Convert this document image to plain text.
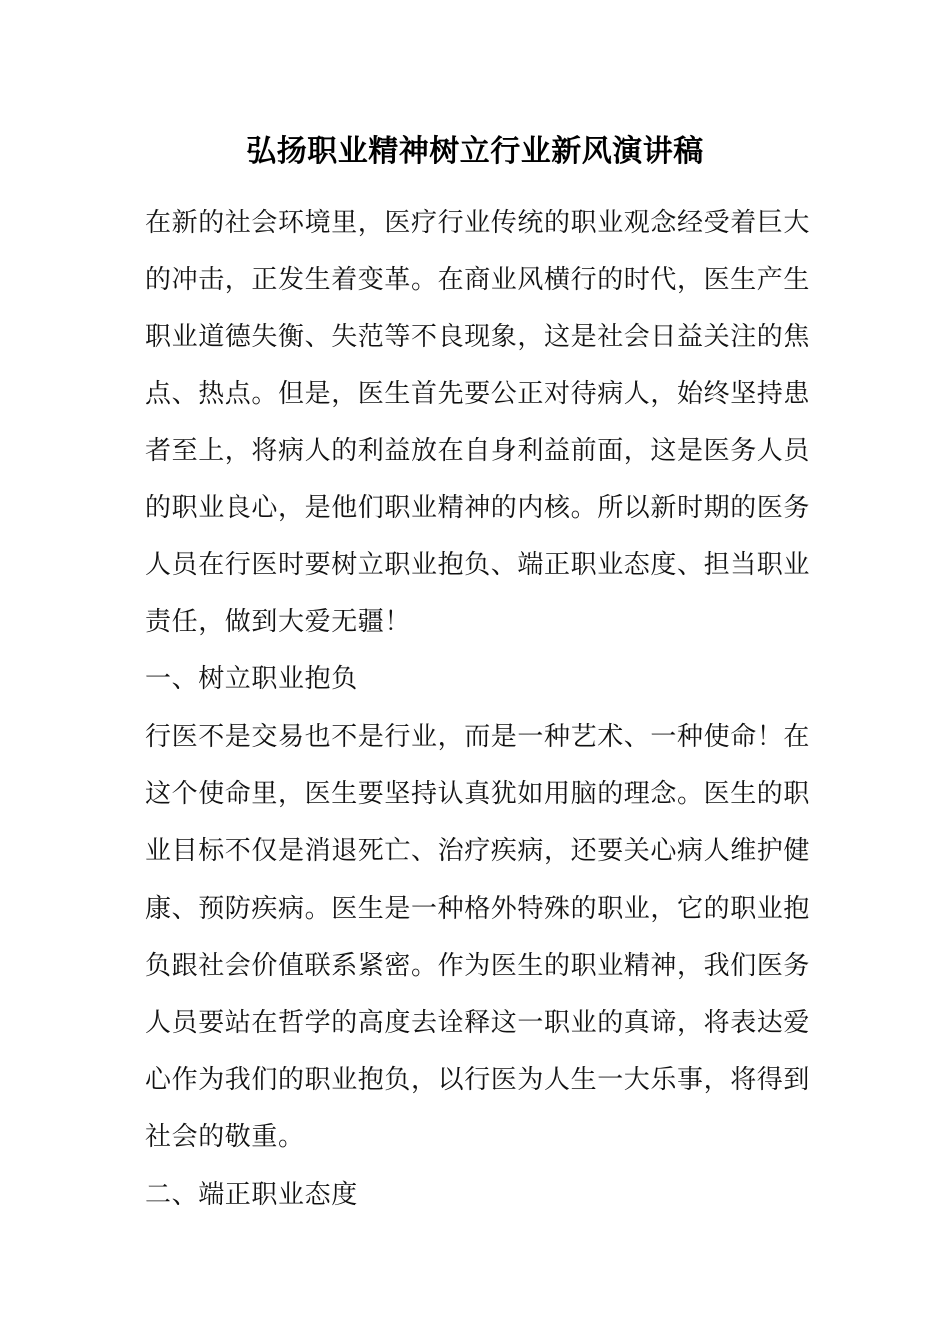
弘扬职业精神树立行业新风演讲稿

在新的社会环境里，医疗行业传统的职业观念经受着巨大

的冲击，正发生着变革。在商业风横行的时代，医生产生

职业道德失衡、失范等不良现象，这是社会日益关注的焦

点、热点。但是，医生首先要公正对待病人，始终坚持患

者至上，将病人的利益放在自身利益前面，这是医务人员

的职业良心，是他们职业精神的内核。所以新时期的医务

人员在行医时要树立职业抱负、端正职业态度、担当职业

责任，做到大爱无疆！

一、树立职业抱负

行医不是交易也不是行业，而是一种艺术、一种使命！在

这个使命里，医生要坚持认真犹如用脑的理念。医生的职

业目标不仅是消退死亡、治疗疾病，还要关心病人维护健

康、预防疾病。医生是一种格外特殊的职业，它的职业抱

负跟社会价值联系紧密。作为医生的职业精神，我们医务

人员要站在哲学的高度去诠释这一职业的真谛，将表达爱

心作为我们的职业抱负，以行医为人生一大乐事，将得到

社会的敬重。

二、端正职业态度
